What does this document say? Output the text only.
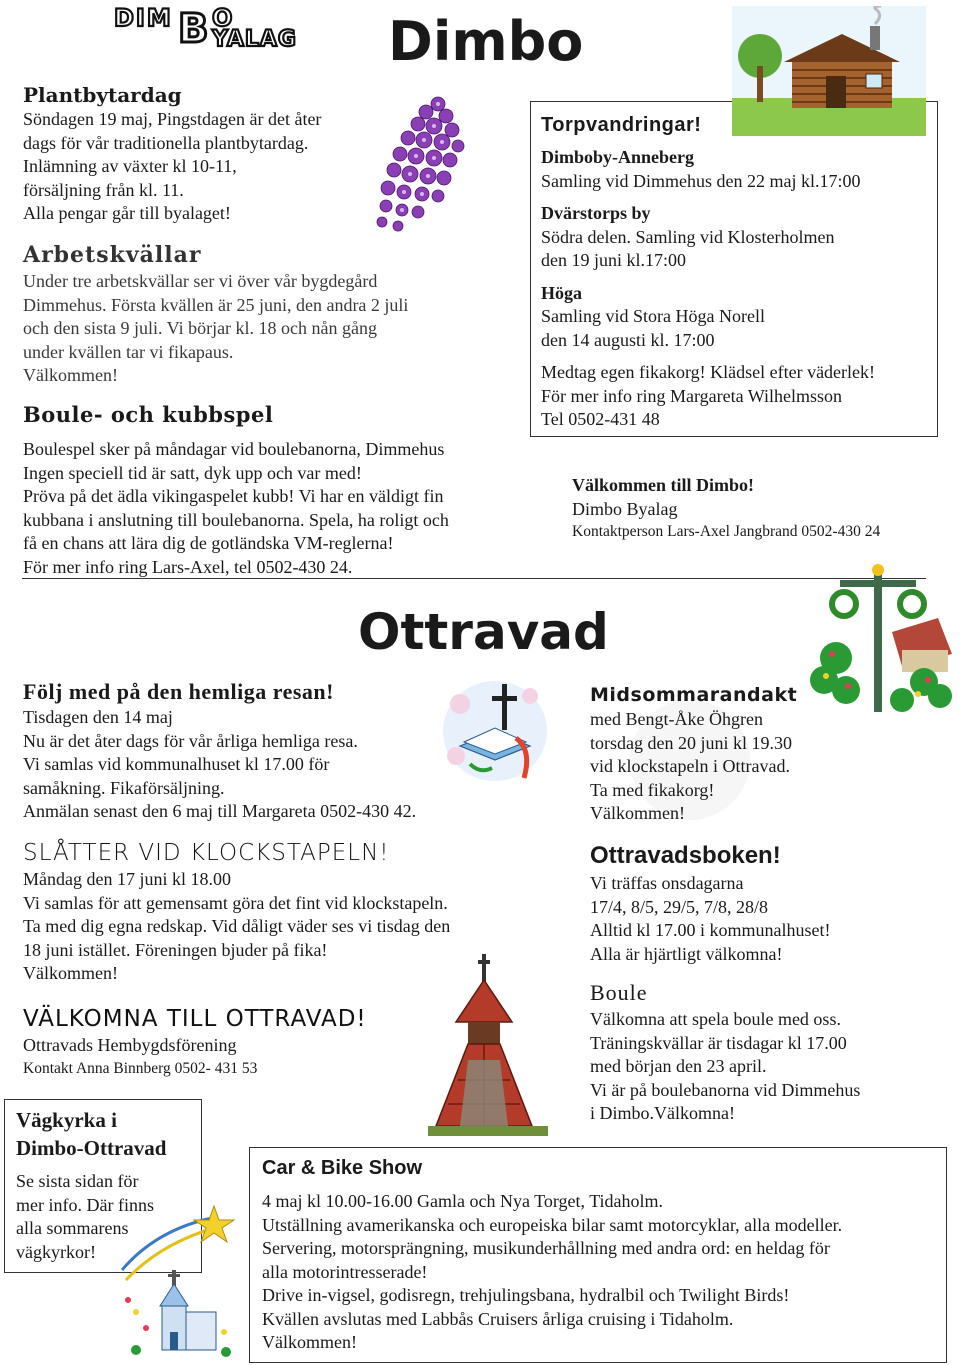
DIM B O
YALAG Dimbo
Plantbytardag
Söndagen 19 maj, Pingstdagen är det åter
dags för vår traditionella plantbytardag.
Inlämning av växter kl 10-11,
försäljning från kl. 11.
Alla pengar går till byalaget!
Arbetskvällar
Under tre arbetskvällar ser vi över vår bygdegård
Dimmehus. Första kvällen är 25 juni, den andra 2 juli
och den sista 9 juli. Vi börjar kl. 18 och nån gång
under kvällen tar vi fikapaus.
Välkommen!
Boule- och kubbspel
Boulespel sker på måndagar vid boulebanorna, Dimmehus
Ingen speciell tid är satt, dyk upp och var med!
Pröva på det ädla vikingaspelet kubb! Vi har en väldigt fin
kubbana i anslutning till boulebanorna. Spela, ha roligt och
få en chans att lära dig de gotländska VM-reglerna!
För mer info ring Lars-Axel, tel 0502-430 24.
Torpvandringar!
Dimboby-Anneberg
Samling vid Dimmehus den 22 maj kl.17:00
Dvärstorps by
Södra delen. Samling vid Klosterholmen
den 19 juni kl.17:00
Höga
Samling vid Stora Höga Norell
den 14 augusti kl. 17:00
Medtag egen fikakorg! Klädsel efter väderlek!
För mer info ring Margareta Wilhelmsson
Tel 0502-431 48
Välkommen till Dimbo!
Dimbo Byalag
Kontaktperson Lars-Axel Jangbrand 0502-430 24
Ottravad
Följ med på den hemliga resan!
Tisdagen den 14 maj
Nu är det åter dags för vår årliga hemliga resa.
Vi samlas vid kommunalhuset kl 17.00 för
samåkning. Fikaförsäljning.
Anmälan senast den 6 maj till Margareta 0502-430 42.
SLÅTTER VID KLOCKSTAPELN!
Måndag den 17 juni kl 18.00
Vi samlas för att gemensamt göra det fint vid klockstapeln.
Ta med dig egna redskap. Vid dåligt väder ses vi tisdag den
18 juni istället. Föreningen bjuder på fika!
Välkommen!
VÄLKOMNA TILL OTTRAVAD!
Ottravads Hembygdsförening
Kontakt Anna Binnberg 0502- 431 53
Midsommarandakt
med Bengt-Åke Öhgren
torsdag den 20 juni kl 19.30
vid klockstapeln i Ottravad.
Ta med fikakorg!
Välkommen!
Ottravadsboken!
Vi träffas onsdagarna
17/4, 8/5, 29/5, 7/8, 28/8
Alltid kl 17.00 i kommunalhuset!
Alla är hjärtligt välkomna!
Boule
Välkomna att spela boule med oss.
Träningskvällar är tisdagar kl 17.00
med början den 23 april.
Vi är på boulebanorna vid Dimmehus
i Dimbo.Välkomna!
Vägkyrka i
Dimbo-Ottravad
Se sista sidan för
mer info. Där finns
alla sommarens
vägkyrkor!
Car & Bike Show
4 maj kl 10.00-16.00 Gamla och Nya Torget, Tidaholm.
Utställning avamerikanska och europeiska bilar samt motorcyklar, alla modeller.
Servering, motorsprängning, musikunderhållning med andra ord: en heldag för
alla motorintresserade!
Drive in-vigsel, godisregn, trehjulingsbana, hydralbil och Twilight Birds!
Kvällen avslutas med Labbås Cruisers årliga cruising i Tidaholm.
Välkommen!
